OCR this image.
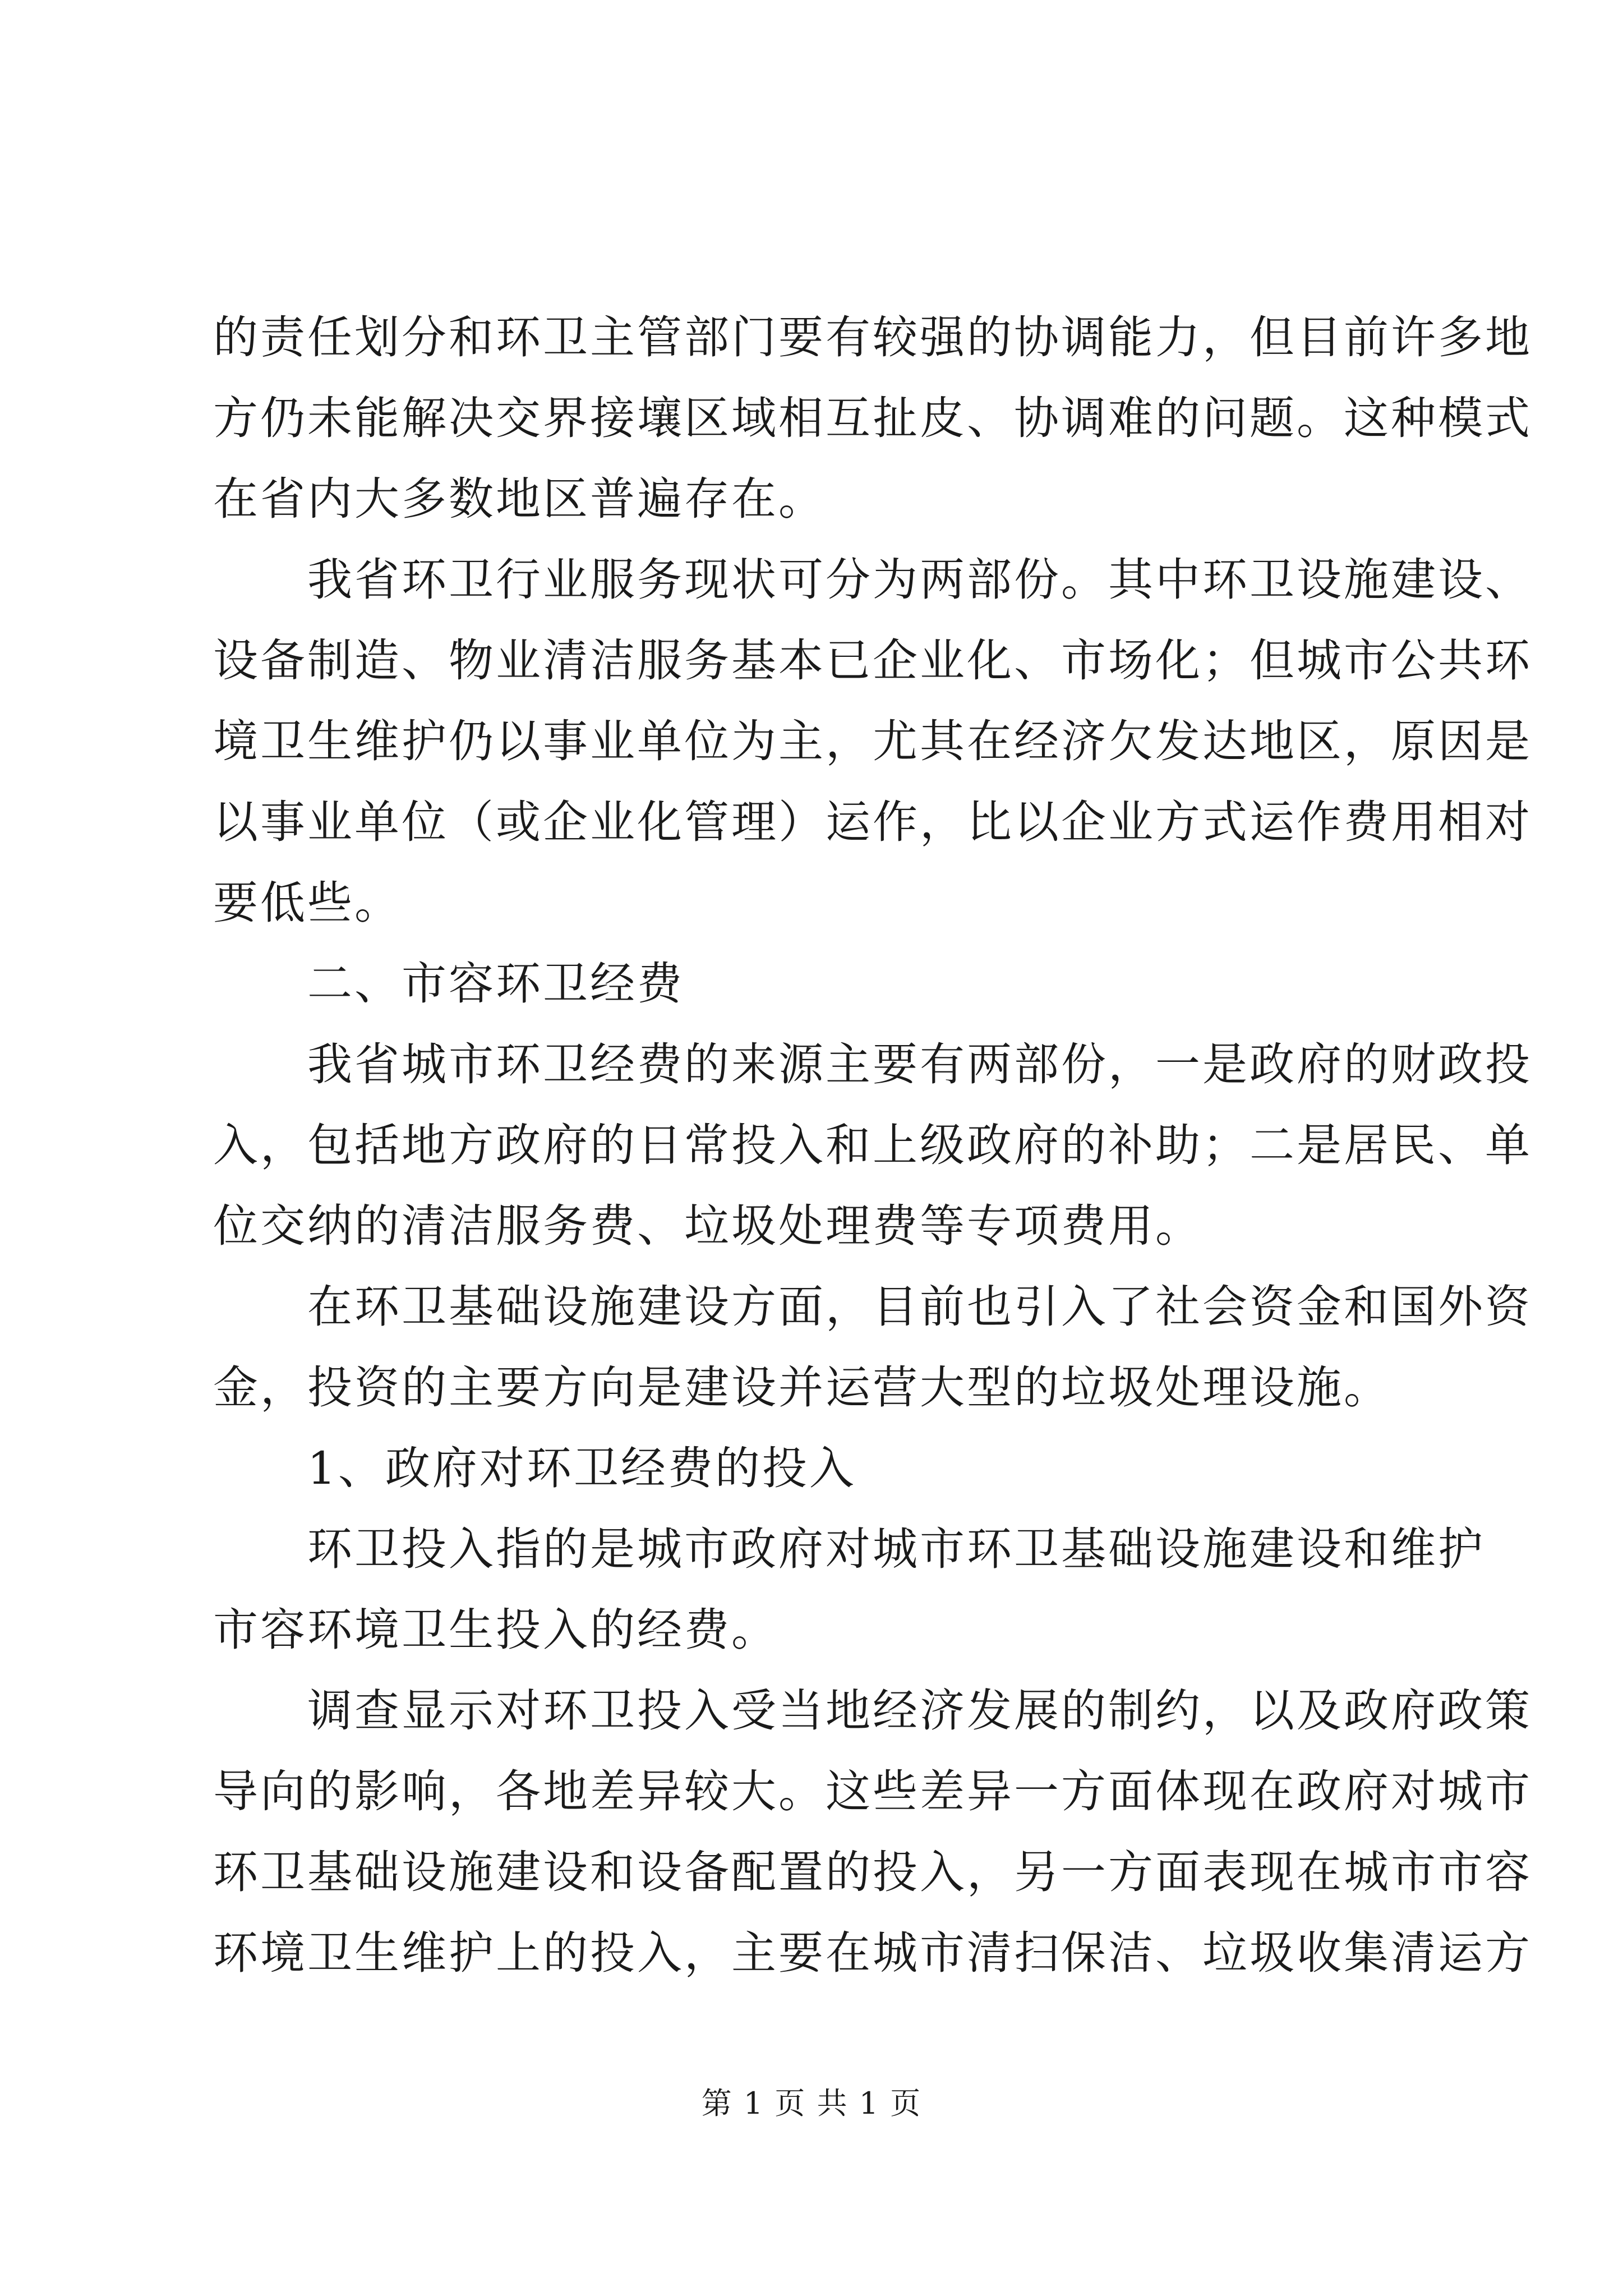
的责任划分和环卫主管部门要有较强的协调能力，但目前许多地
方仍未能解决交界接壤区域相互扯皮、协调难的问题。这种模式
在省内大多数地区普遍存在。
我省环卫行业服务现状可分为两部份。其中环卫设施建设、
设备制造、物业清洁服务基本已企业化、市场化；但城市公共环
境卫生维护仍以事业单位为主，尤其在经济欠发达地区，原因是
以事业单位（或企业化管理）运作，比以企业方式运作费用相对
要低些。
二、市容环卫经费
我省城市环卫经费的来源主要有两部份，一是政府的财政投
入，包括地方政府的日常投入和上级政府的补助；二是居民、单
位交纳的清洁服务费、垃圾处理费等专项费用。
在环卫基础设施建设方面，目前也引入了社会资金和国外资
金，投资的主要方向是建设并运营大型的垃圾处理设施。
1、政府对环卫经费的投入
环卫投入指的是城市政府对城市环卫基础设施建设和维护
市容环境卫生投入的经费。
调查显示对环卫投入受当地经济发展的制约，以及政府政策
导向的影响，各地差异较大。这些差异一方面体现在政府对城市
环卫基础设施建设和设备配置的投入，另一方面表现在城市市容
环境卫生维护上的投入，主要在城市清扫保洁、垃圾收集清运方
第 1 页 共 1 页
